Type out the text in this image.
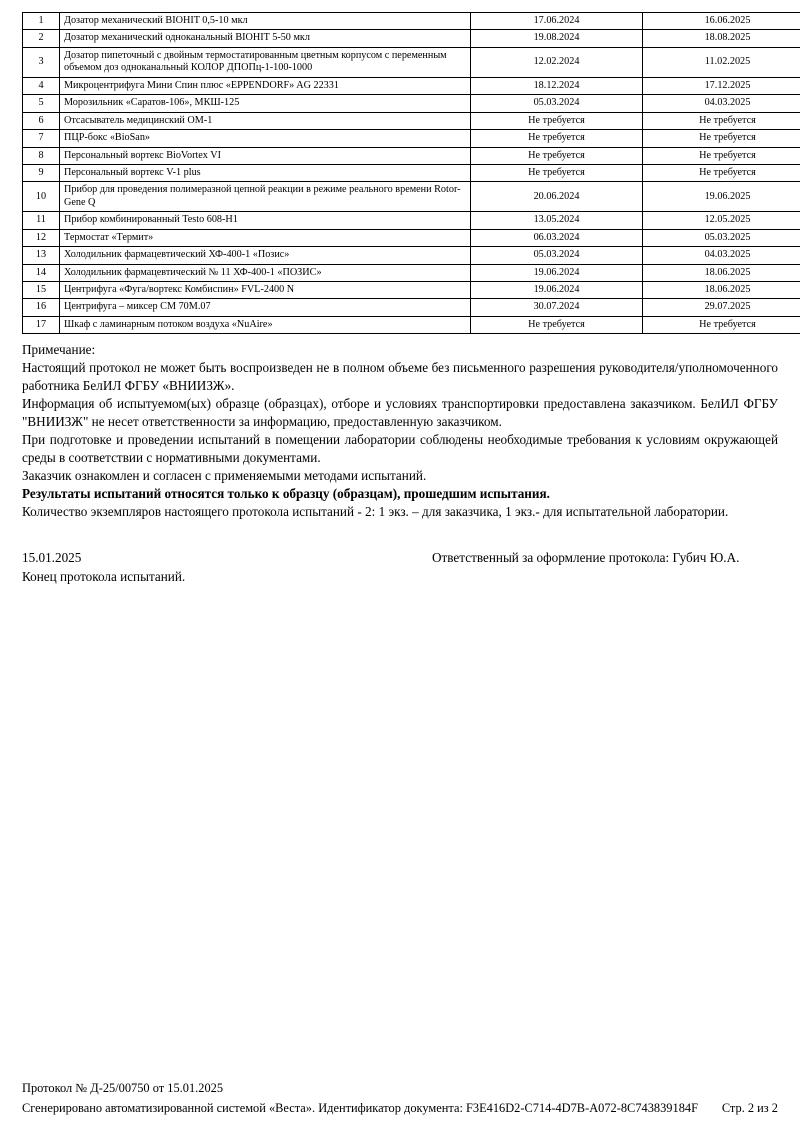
1	Дозатор механический BIOHIT 0,5-10 мкл	17.06.2024	16.06.2025
2	Дозатор механический одноканальный BIOHIT 5-50 мкл	19.08.2024	18.08.2025
3	Дозатор пипеточный с двойным термостатированным цветным корпусом с переменным объемом доз одноканальный КОЛОР ДПОПц-1-100-1000	12.02.2024	11.02.2025
4	Микроцентрифуга Мини Спин плюс «EPPENDORF» AG 22331	18.12.2024	17.12.2025
5	Морозильник «Саратов-106», МКШ-125	05.03.2024	04.03.2025
6	Отсасыватель медицинский ОМ-1	Не требуется	Не требуется
7	ПЦР-бокс «BioSan»	Не требуется	Не требуется
8	Персональный вортекс BioVortex VI	Не требуется	Не требуется
9	Персональный вортекс V-1 plus	Не требуется	Не требуется
10	Прибор для проведения полимеразной цепной реакции в режиме реального времени Rotor-Gene Q	20.06.2024	19.06.2025
11	Прибор комбинированный Testo 608-H1	13.05.2024	12.05.2025
12	Термостат «Термит»	06.03.2024	05.03.2025
13	Холодильник фармацевтический ХФ-400-1 «Позис»	05.03.2024	04.03.2025
14	Холодильник фармацевтический № 11 ХФ-400-1 «ПОЗИС»	19.06.2024	18.06.2025
15	Центрифуга «Фуга/вортекс Комбиспин» FVL-2400 N	19.06.2024	18.06.2025
16	Центрифуга – миксер CM 70M.07	30.07.2024	29.07.2025
17	Шкаф с ламинарным потоком воздуха «NuAire»	Не требуется	Не требуется

Примечание:

Настоящий протокол не может быть воспроизведен не в полном объеме без письменного разрешения руководителя/уполномоченного работника БелИЛ ФГБУ «ВНИИЗЖ».

Информация об испытуемом(ых) образце (образцах), отборе и условиях транспортировки предоставлена заказчиком. БелИЛ ФГБУ "ВНИИЗЖ" не несет ответственности за информацию, предоставленную заказчиком.

При подготовке и проведении испытаний в помещении лаборатории соблюдены необходимые требования к условиям окружающей среды в соответствии с нормативными документами.

Заказчик ознакомлен и согласен с применяемыми методами испытаний.

Результаты испытаний относятся только к образцу (образцам), прошедшим испытания.

Количество экземпляров настоящего протокола испытаний - 2: 1 экз. – для заказчика, 1 экз.- для испытательной лаборатории.

15.01.2025	Ответственный за оформление протокола: Губич Ю.А.
Конец протокола испытаний.
Протокол № Д-25/00750 от 15.01.2025
Сгенерировано автоматизированной системой «Веста». Идентификатор документа: F3E416D2-C714-4D7B-A072-8C743839184F	Стр. 2 из 2
